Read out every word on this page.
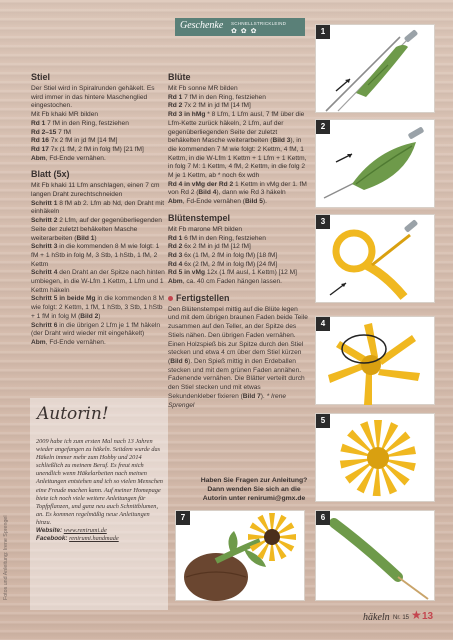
Geschenke SCHNELLSTRICKLEIND
✿ ✿ ✿
Stiel

Der Stiel wird in Spiralrunden gehäkelt. Es wird immer in das hintere Maschenglied eingestochen.

Mit Fb khaki MR bilden

Rd 1 7 fM in den Ring, festziehen

Rd 2–15 7 fM

Rd 16 7x 2 fM in jd fM [14 fM]

Rd 17 7x (1 fM, 2 fM in folg fM) [21 fM]

Abm, Fd-Ende vernähen.

Blatt (5x)

Mit Fb khaki 11 Lfm anschlagen, einen 7 cm langen Draht zurechtschneiden

Schritt 1 8 fM ab 2. Lfm ab Nd, den Draht mit einhäkeln

Schritt 2 2 Lfm, auf der gegenüberliegenden Seite der zuletzt behäkelten Masche weiterarbeiten (Bild 1)

Schritt 3 in die kommenden 8 M wie folgt: 1 fM + 1 hStb in folg M, 3 Stb, 1 hStb, 1 fM, 2 Kettm

Schritt 4 den Draht an der Spitze nach hinten umbiegen, in die W-Lfm 1 Kettm, 1 Lfm und 1 Kettm häkeln

Schritt 5 in beide Mg in die kommenden 8 M wie folgt: 2 Kettm, 1 fM, 1 hStb, 3 Stb, 1 hStb + 1 fM in folg M (Bild 2)

Schritt 6 in die übrigen 2 Lfm je 1 fM häkeln (der Draht wird wieder mit eingehäkelt)

Abm, Fd-Ende vernähen.

Blüte

Mit Fb sonne MR bilden

Rd 1 7 fM in den Ring, festziehen

Rd 2 7x 2 fM in jd fM [14 fM]

Rd 3 in hMg * 8 Lfm, 1 Lfm ausl, 7 fM über die Lfm-Kette zurück häkeln, 2 Lfm, auf der gegenüberliegenden Seite der zuletzt behäkelten Masche weiterarbeiten (Bild 3), in die kommenden 7 M wie folgt: 2 Kettm, 4 fM, 1 Kettm, in die W-Lfm 1 Kettm + 1 Lfm + 1 Kettm, in folg 7 M: 1 Kettm, 4 fM, 2 Kettm, in die folg 2 M je 1 Kettm, ab * noch 6x wdh

Rd 4 in vMg der Rd 2 1 Kettm in vMg der 1. fM von Rd 2 (Bild 4), dann wie Rd 3 häkeln

Abm, Fd-Ende vernähen (Bild 5).

Blütenstempel

Mit Fb marone MR bilden

Rd 1 6 fM in den Ring, festziehen

Rd 2 6x 2 fM in jd fM [12 fM]

Rd 3 6x (1 fM, 2 fM in folg fM) [18 fM]

Rd 4 6x (2 fM, 2 fM in folg fM) [24 fM]

Rd 5 in vMg 12x (1 fM ausl, 1 Kettm) [12 M]

Abm, ca. 40 cm Faden hängen lassen.

Fertigstellen

Den Blütenstempel mittig auf die Blüte legen und mit dem übrigen braunen Faden beide Teile zusammen auf den Teller, an der Spitze des Stiels nähen. Den übrigen Faden vernähen. Einen Holzspieß bis zur Spitze durch den Stiel stecken und etwa 4 cm über dem Stiel kürzen (Bild 6). Den Spieß mittig in den Erdeballen stecken und mit dem grünen Faden annähen. Fadenende vernähen. Die Blätter verteilt durch den Stiel stecken und mit etwas Sekundenkleber fixieren (Bild 7). * Irene Sprengel

Haben Sie Fragen zur Anleitung?
Dann wenden Sie sich an die
Autorin unter renirumi@gmx.de
Autorin!
2009 habe ich zum ersten Mal nach 13 Jahren wieder angefangen zu häkeln. Seitdem wurde das Häkeln immer mehr zum Hobby und 2014 schließlich zu meinem Beruf. Es freut mich unendlich wenn Häkelarbeiten nach meinen Anleitungen entstehen und ich so vielen Menschen eine Freude machen kann. Auf meiner Homepage biete ich noch viele weitere Anleitungen für Topfpflanzen, und ganz neu auch Schnittblumen, an. Es kommen regelmäßig neue Anleitungen hinzu.
Website: www.renirumi.de
Facebook: renirumi.handmade
Fotos und Anleitung: Irene Sprengel
1
2
3
4
5
6
7
häkeln Nr. 15 ★ 13
